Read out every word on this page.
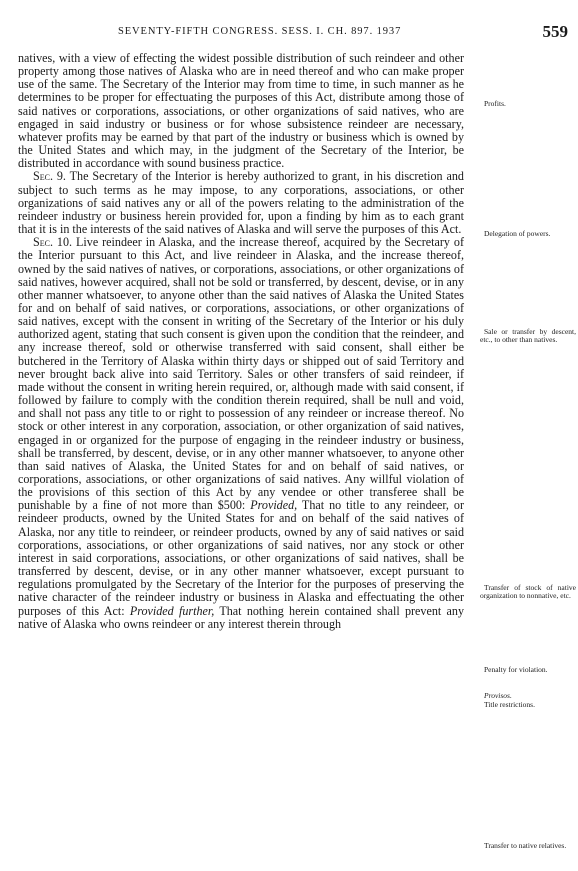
SEVENTY-FIFTH CONGRESS. SESS. I. CH. 897. 1937	559

natives, with a view of effecting the widest possible distribution of such reindeer and other property among those natives of Alaska who are in need thereof and who can make proper use of the same. The Secretary of the Interior may from time to time, in such manner as he determines to be proper for effectuating the purposes of this Act, distribute among those of said natives or corporations, associations, or other organizations of said natives, who are engaged in said industry or business or for whose subsistence reindeer are necessary, whatever profits may be earned by that part of the industry or business which is owned by the United States and which may, in the judgment of the Secretary of the Interior, be distributed in accordance with sound business practice.

Sec. 9. The Secretary of the Interior is hereby authorized to grant, in his discretion and subject to such terms as he may impose, to any corporations, associations, or other organizations of said natives any or all of the powers relating to the administration of the reindeer industry or business herein provided for, upon a finding by him as to each grant that it is in the interests of the said natives of Alaska and will serve the purposes of this Act.

Sec. 10. Live reindeer in Alaska, and the increase thereof, acquired by the Secretary of the Interior pursuant to this Act, and live reindeer in Alaska, and the increase thereof, owned by the said natives of natives, or corporations, associations, or other organizations of said natives, however acquired, shall not be sold or transferred, by descent, devise, or in any other manner whatsoever, to anyone other than the said natives of Alaska the United States for and on behalf of said natives, or corporations, associations, or other organizations of said natives, except with the consent in writing of the Secretary of the Interior or his duly authorized agent, stating that such consent is given upon the condition that the reindeer, and any increase thereof, sold or otherwise transferred with said consent, shall either be butchered in the Territory of Alaska within thirty days or shipped out of said Territory and never brought back alive into said Territory. Sales or other transfers of said reindeer, if made without the consent in writing herein required, or, although made with said consent, if followed by failure to comply with the condition therein required, shall be null and void, and shall not pass any title to or right to possession of any reindeer or increase thereof. No stock or other interest in any corporation, association, or other organization of said natives, engaged in or organized for the purpose of engaging in the reindeer industry or business, shall be transferred, by descent, devise, or in any other manner whatsoever, to anyone other than said natives of Alaska, the United States for and on behalf of said natives, or corporations, associations, or other organizations of said natives. Any willful violation of the provisions of this section of this Act by any vendee or other transferee shall be punishable by a fine of not more than $500: Provided, That no title to any reindeer, or reindeer products, owned by the United States for and on behalf of the said natives of Alaska, nor any title to reindeer, or reindeer products, owned by any of said natives or said corporations, associations, or other organizations of said natives, nor any stock or other interest in said corporations, associations, or other organizations of said natives, shall be transferred by descent, devise, or in any other manner whatsoever, except pursuant to regulations promulgated by the Secretary of the Interior for the purposes of preserving the native character of the reindeer industry or business in Alaska and effectuating the other purposes of this Act: Provided further, That nothing herein contained shall prevent any native of Alaska who owns reindeer or any interest therein through

Profits.
Delegation of powers.
Sale or transfer by descent, etc., to other than natives.
Transfer of stock of native organization to nonnative, etc.
Penalty for violation.
Provisos.
Title restrictions.
Transfer to native relatives.
